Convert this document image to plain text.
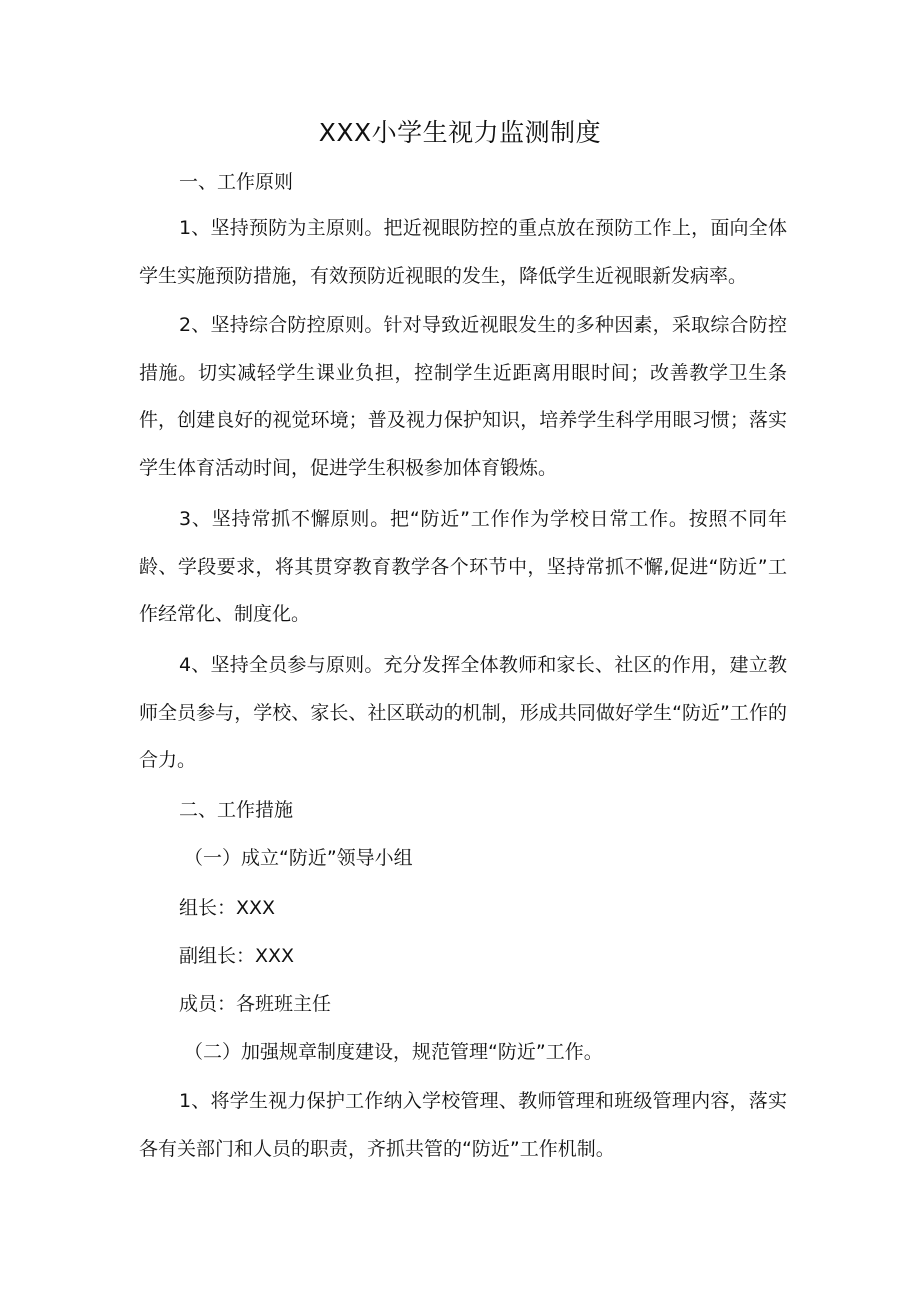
XXX小学生视力监测制度
一、工作原则

1、坚持预防为主原则。把近视眼防控的重点放在预防工作上，面向全体学生实施预防措施，有效预防近视眼的发生，降低学生近视眼新发病率。

2、坚持综合防控原则。针对导致近视眼发生的多种因素，采取综合防控措施。切实减轻学生课业负担，控制学生近距离用眼时间；改善教学卫生条件，创建良好的视觉环境；普及视力保护知识，培养学生科学用眼习惯；落实学生体育活动时间，促进学生积极参加体育锻炼。

3、坚持常抓不懈原则。把“防近”工作作为学校日常工作。按照不同年龄、学段要求，将其贯穿教育教学各个环节中，坚持常抓不懈,促进“防近”工作经常化、制度化。

4、坚持全员参与原则。充分发挥全体教师和家长、社区的作用，建立教师全员参与，学校、家长、社区联动的机制，形成共同做好学生“防近”工作的合力。

二、工作措施
（一）成立“防近”领导小组
组长：XXX
副组长：XXX
成员：各班班主任
（二）加强规章制度建设，规范管理“防近”工作。

1、将学生视力保护工作纳入学校管理、教师管理和班级管理内容，落实各有关部门和人员的职责，齐抓共管的“防近”工作机制。
